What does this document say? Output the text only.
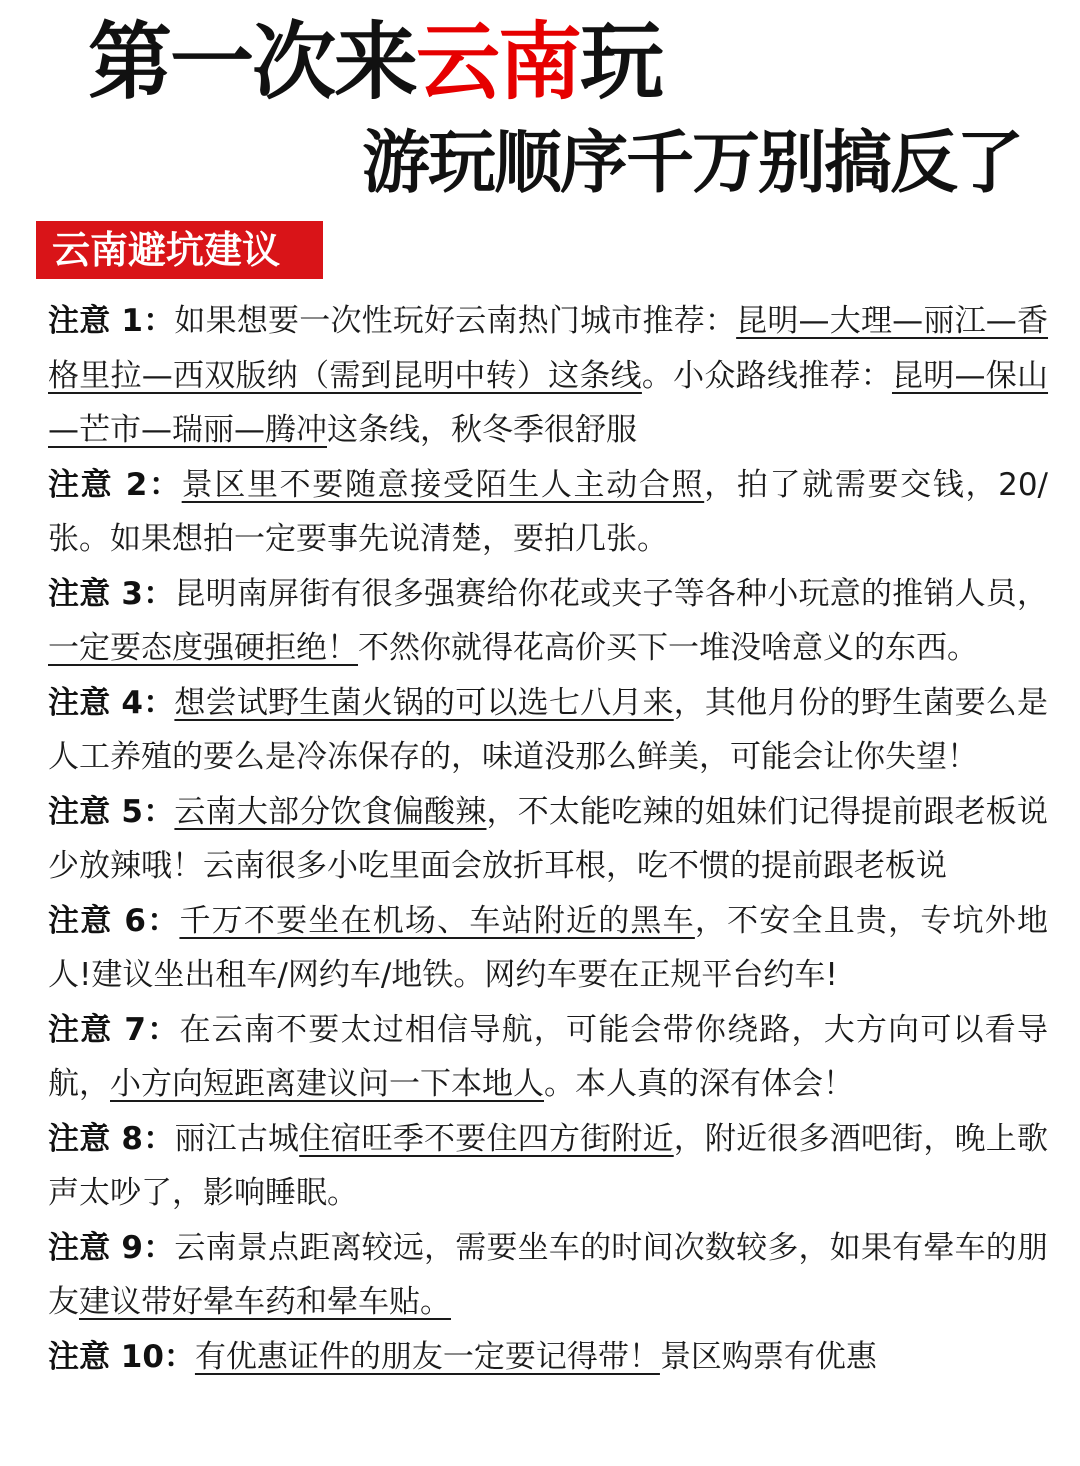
第一次来云南玩
游玩顺序千万别搞反了
云南避坑建议
注意 1：如果想要一次性玩好云南热门城市推荐：昆明—大理—丽江—香格里拉—西双版纳（需到昆明中转）这条线。小众路线推荐：昆明—保山—芒市—瑞丽—腾冲这条线，秋冬季很舒服
注意 2：景区里不要随意接受陌生人主动合照，拍了就需要交钱，20/张。如果想拍一定要事先说清楚，要拍几张。
注意 3：昆明南屏街有很多强赛给你花或夹子等各种小玩意的推销人员，一定要态度强硬拒绝！不然你就得花高价买下一堆没啥意义的东西。
注意 4：想尝试野生菌火锅的可以选七八月来，其他月份的野生菌要么是人工养殖的要么是冷冻保存的，味道没那么鲜美，可能会让你失望！
注意 5：云南大部分饮食偏酸辣，不太能吃辣的姐妹们记得提前跟老板说少放辣哦！云南很多小吃里面会放折耳根，吃不惯的提前跟老板说
注意 6：千万不要坐在机场、车站附近的黑车，不安全且贵，专坑外地人!建议坐出租车/网约车/地铁。网约车要在正规平台约车!
注意 7：在云南不要太过相信导航，可能会带你绕路，大方向可以看导航，小方向短距离建议问一下本地人。本人真的深有体会！
注意 8：丽江古城住宿旺季不要住四方街附近，附近很多酒吧街，晚上歌声太吵了，影响睡眠。
注意 9：云南景点距离较远，需要坐车的时间次数较多，如果有晕车的朋友建议带好晕车药和晕车贴。
注意 10：有优惠证件的朋友一定要记得带！景区购票有优惠
